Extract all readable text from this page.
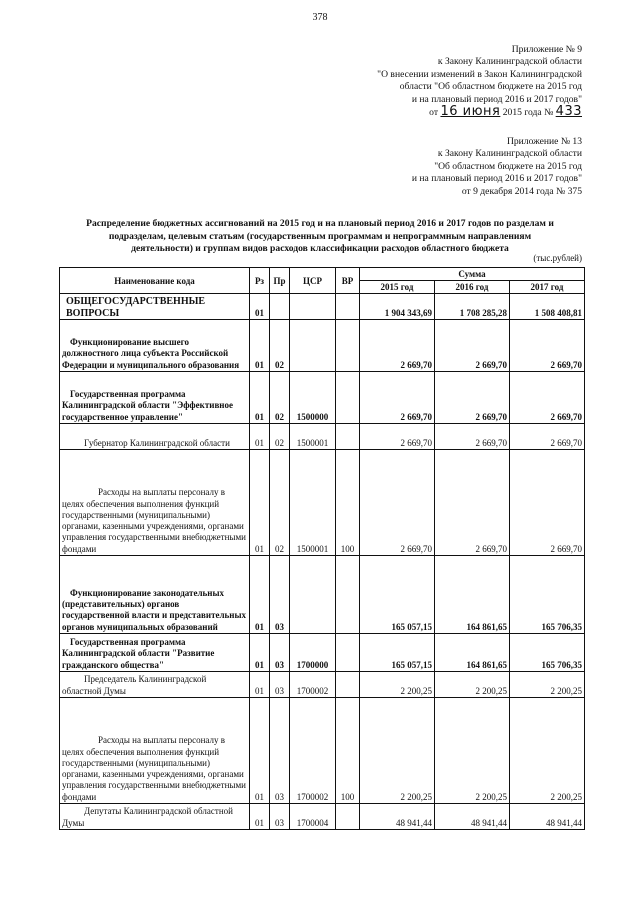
378
Приложение № 9
к Закону Калининградской области
"О внесении изменений в Закон Калининградской
области "Об областном бюджете на 2015 год
и на плановый период 2016 и 2017 годов"
от 16 июня 2015 года № 433
Приложение № 13
к Закону Калининградской области
"Об областном бюджете на 2015 год
и на плановый период 2016 и 2017 годов"
от 9 декабря 2014 года № 375
Распределение бюджетных ассигнований на 2015 год и на плановый период 2016 и 2017 годов по разделам и
подразделам, целевым статьям (государственным программам и непрограммным направлениям
деятельности) и группам видов расходов классификации расходов областного бюджета
(тыс.рублей)
Наименование кода	Рз	Пр	ЦСР	ВР	Сумма		
					2015 год	2016 год	2017 год
ОБЩЕГОСУДАРСТВЕННЫЕ ВОПРОСЫ	01				1 904 343,69	1 708 285,28	1 508 408,81
Функционирование высшего должностного лица субъекта Российской Федерации и муниципального образования	01	02			2 669,70	2 669,70	2 669,70
Государственная программа Калининградской области "Эффективное государственное управление"	01	02	1500000		2 669,70	2 669,70	2 669,70
Губернатор Калининградской области	01	02	1500001		2 669,70	2 669,70	2 669,70
Расходы на выплаты персоналу в целях обеспечения выполнения функций государственными (муниципальными) органами, казенными учреждениями, органами управления государственными внебюджетными фондами	01	02	1500001	100	2 669,70	2 669,70	2 669,70
Функционирование законодательных (представительных) органов государственной власти и представительных органов муниципальных образований	01	03			165 057,15	164 861,65	165 706,35
Государственная программа Калининградской области "Развитие гражданского общества"	01	03	1700000		165 057,15	164 861,65	165 706,35
Председатель Калининградской областной Думы	01	03	1700002		2 200,25	2 200,25	2 200,25
Расходы на выплаты персоналу в целях обеспечения выполнения функций государственными (муниципальными) органами, казенными учреждениями, органами управления государственными внебюджетными фондами	01	03	1700002	100	2 200,25	2 200,25	2 200,25
Депутаты Калининградской областной Думы	01	03	1700004		48 941,44	48 941,44	48 941,44
